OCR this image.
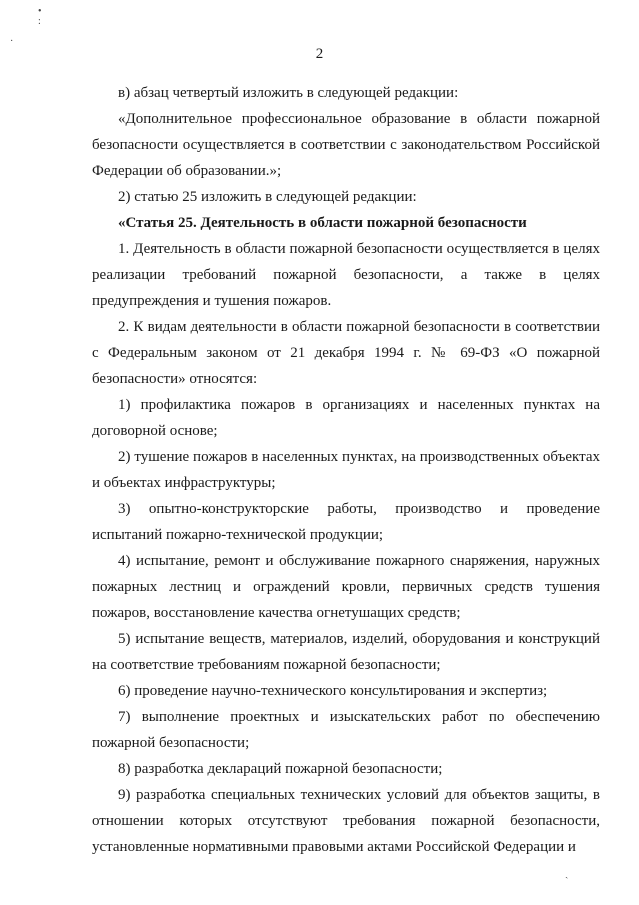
•
:
·
ˎ
2

в) абзац четвертый изложить в следующей редакции:

«Дополнительное профессиональное образование в области пожарной безопасности осуществляется в соответствии с законодательством Российской Федерации об образовании.»;

2) статью 25 изложить в следующей редакции:

«Статья 25. Деятельность в области пожарной безопасности

1. Деятельность в области пожарной безопасности осуществляется в целях реализации требований пожарной безопасности, а также в целях предупреждения и тушения пожаров.

2. К видам деятельности в области пожарной безопасности в соответствии с Федеральным законом от 21 декабря 1994 г. № 69-ФЗ «О пожарной безопасности» относятся:

1) профилактика пожаров в организациях и населенных пунктах на договорной основе;

2) тушение пожаров в населенных пунктах, на производственных объектах и объектах инфраструктуры;

3) опытно-конструкторские работы, производство и проведение испытаний пожарно-технической продукции;

4) испытание, ремонт и обслуживание пожарного снаряжения, наружных пожарных лестниц и ограждений кровли, первичных средств тушения пожаров, восстановление качества огнетушащих средств;

5) испытание веществ, материалов, изделий, оборудования и конструкций на соответствие требованиям пожарной безопасности;

6) проведение научно-технического консультирования и экспертиз;

7) выполнение проектных и изыскательских работ по обеспечению пожарной безопасности;

8) разработка деклараций пожарной безопасности;

9) разработка специальных технических условий для объектов защиты, в отношении которых отсутствуют требования пожарной безопасности, установленные нормативными правовыми актами Российской Федерации и
